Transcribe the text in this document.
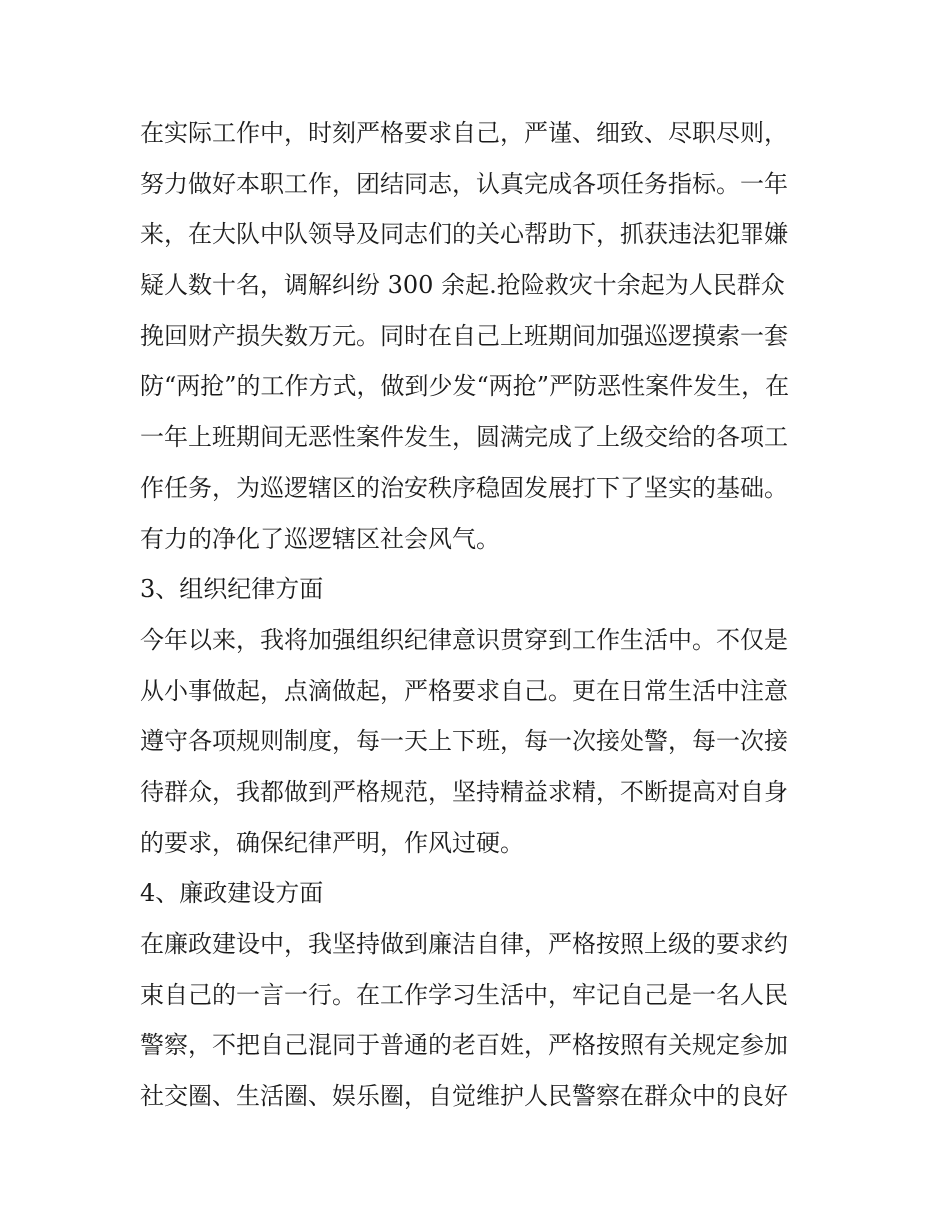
在实际工作中，时刻严格要求自己，严谨、细致、尽职尽则，
努力做好本职工作，团结同志，认真完成各项任务指标。一年
来，在大队中队领导及同志们的关心帮助下，抓获违法犯罪嫌
疑人数十名，调解纠纷 300 余起.抢险救灾十余起为人民群众
挽回财产损失数万元。同时在自己上班期间加强巡逻摸索一套
防“两抢”的工作方式，做到少发“两抢”严防恶性案件发生，在
一年上班期间无恶性案件发生，圆满完成了上级交给的各项工
作任务，为巡逻辖区的治安秩序稳固发展打下了坚实的基础。
有力的净化了巡逻辖区社会风气。
3、组织纪律方面
今年以来，我将加强组织纪律意识贯穿到工作生活中。不仅是
从小事做起，点滴做起，严格要求自己。更在日常生活中注意
遵守各项规则制度，每一天上下班，每一次接处警，每一次接
待群众，我都做到严格规范，坚持精益求精，不断提高对自身
的要求，确保纪律严明，作风过硬。
4、廉政建设方面
在廉政建设中，我坚持做到廉洁自律，严格按照上级的要求约
束自己的一言一行。在工作学习生活中，牢记自己是一名人民
警察，不把自己混同于普通的老百姓，严格按照有关规定参加
社交圈、生活圈、娱乐圈，自觉维护人民警察在群众中的良好
